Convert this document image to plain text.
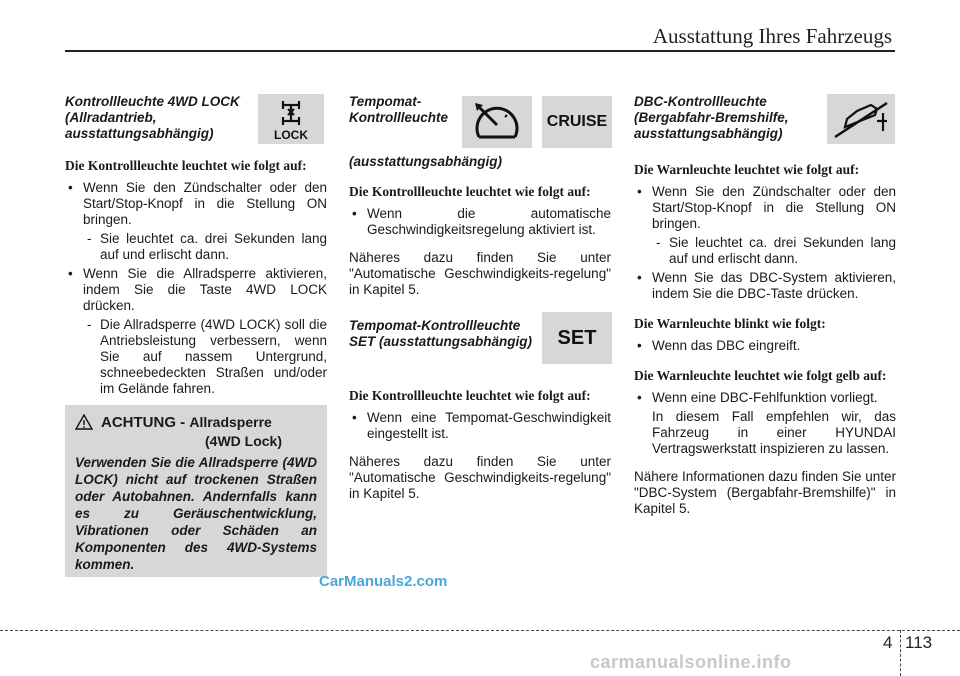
Ausstattung Ihres Fahrzeugs
Kontrollleuchte 4WD LOCK (Allradantrieb, ausstattungsabhängig)	LOCK
Die Kontrollleuchte leuchtet wie folgt auf:
• Wenn Sie den Zündschalter oder den Start/Stop-Knopf in die Stellung ON bringen.
- Sie leuchtet ca. drei Sekunden lang auf und erlischt dann.
• Wenn Sie die Allradsperre aktivieren, indem Sie die Taste 4WD LOCK drücken.
- Die Allradsperre (4WD LOCK) soll die Antriebsleistung verbessern, wenn Sie auf nassem Untergrund, schneebedeckten Straßen und/oder im Gelände fahren.
ACHTUNG - Allradsperre
(4WD Lock)
Verwenden Sie die Allradsperre (4WD LOCK) nicht auf trockenen Straßen oder Autobahnen. Andernfalls kann es zu Geräuschentwicklung, Vibrationen oder Schäden an Komponenten des 4WD-Systems kommen.
Tempomat-Kontrollleuchte	CRUISE
(ausstattungsabhängig)
Die Kontrollleuchte leuchtet wie folgt auf:
• Wenn die automatische Geschwindigkeitsregelung aktiviert ist.
Näheres dazu finden Sie unter "Automatische Geschwindigkeits-regelung" in Kapitel 5.
Tempomat-Kontrollleuchte SET (ausstattungsabhängig) SET
Die Kontrollleuchte leuchtet wie folgt auf:
• Wenn eine Tempomat-Geschwindigkeit eingestellt ist.
Näheres dazu finden Sie unter "Automatische Geschwindigkeits-regelung" in Kapitel 5.
DBC-Kontrollleuchte (Bergabfahr-Bremshilfe, ausstattungsabhängig)
Die Warnleuchte leuchtet wie folgt auf:
• Wenn Sie den Zündschalter oder den Start/Stop-Knopf in die Stellung ON bringen.
- Sie leuchtet ca. drei Sekunden lang auf und erlischt dann.
• Wenn Sie das DBC-System aktivieren, indem Sie die DBC-Taste drücken.
Die Warnleuchte blinkt wie folgt:
• Wenn das DBC eingreift.
Die Warnleuchte leuchtet wie folgt gelb auf:
• Wenn eine DBC-Fehlfunktion vorliegt.
In diesem Fall empfehlen wir, das Fahrzeug in einer HYUNDAI Vertragswerkstatt inspizieren zu lassen.
Nähere Informationen dazu finden Sie unter "DBC-System (Bergabfahr-Bremshilfe)" in Kapitel 5.
CarManuals2.com
4 113
carmanualsonline.info
